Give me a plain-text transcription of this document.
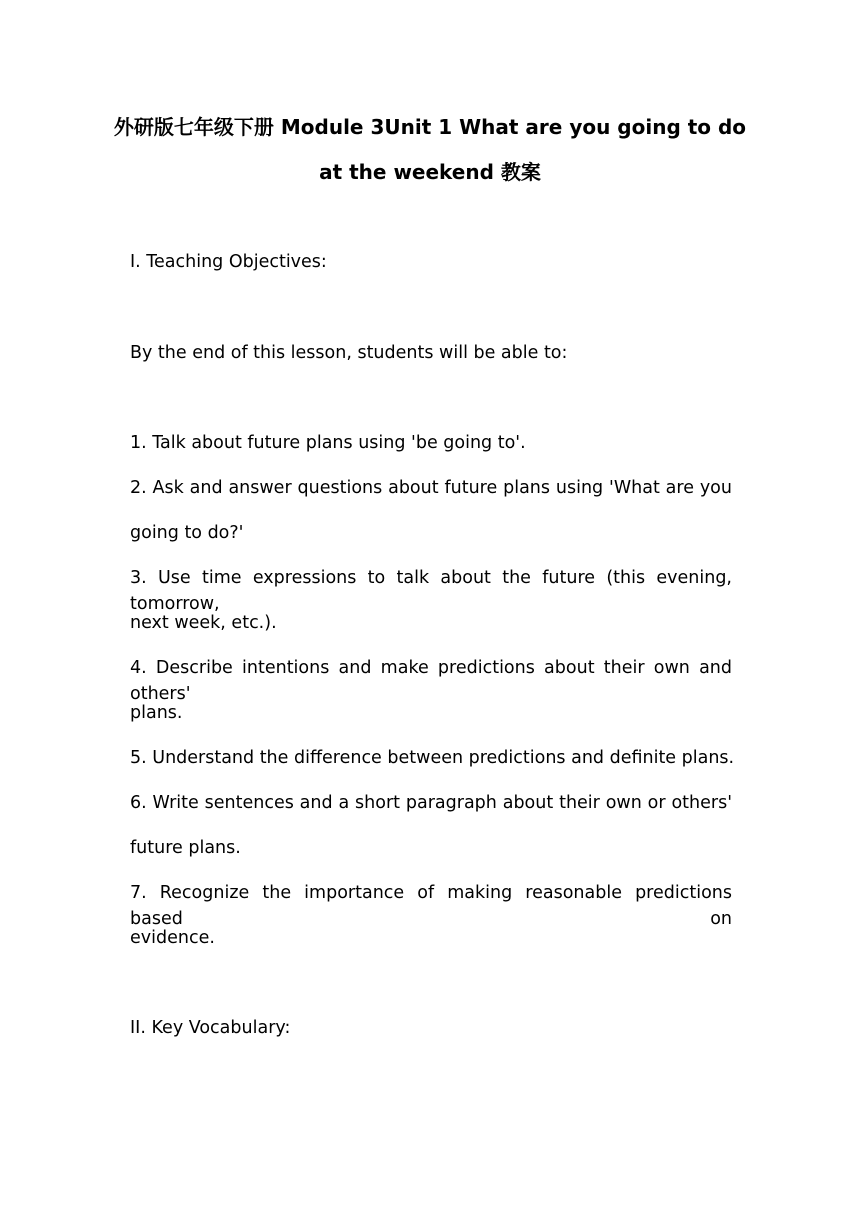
外研版七年级下册 Module 3Unit 1 What are you going to do
at the weekend 教案
I. Teaching Objectives:
By the end of this lesson, students will be able to:
1. Talk about future plans using 'be going to'.
2. Ask and answer questions about future plans using 'What are you
going to do?'
3. Use time expressions to talk about the future (this evening, tomorrow,
next week, etc.).
4. Describe intentions and make predictions about their own and others'
plans.
5. Understand the difference between predictions and definite plans.
6. Write sentences and a short paragraph about their own or others'
future plans.
7. Recognize the importance of making reasonable predictions based on
evidence.
II. Key Vocabulary:
